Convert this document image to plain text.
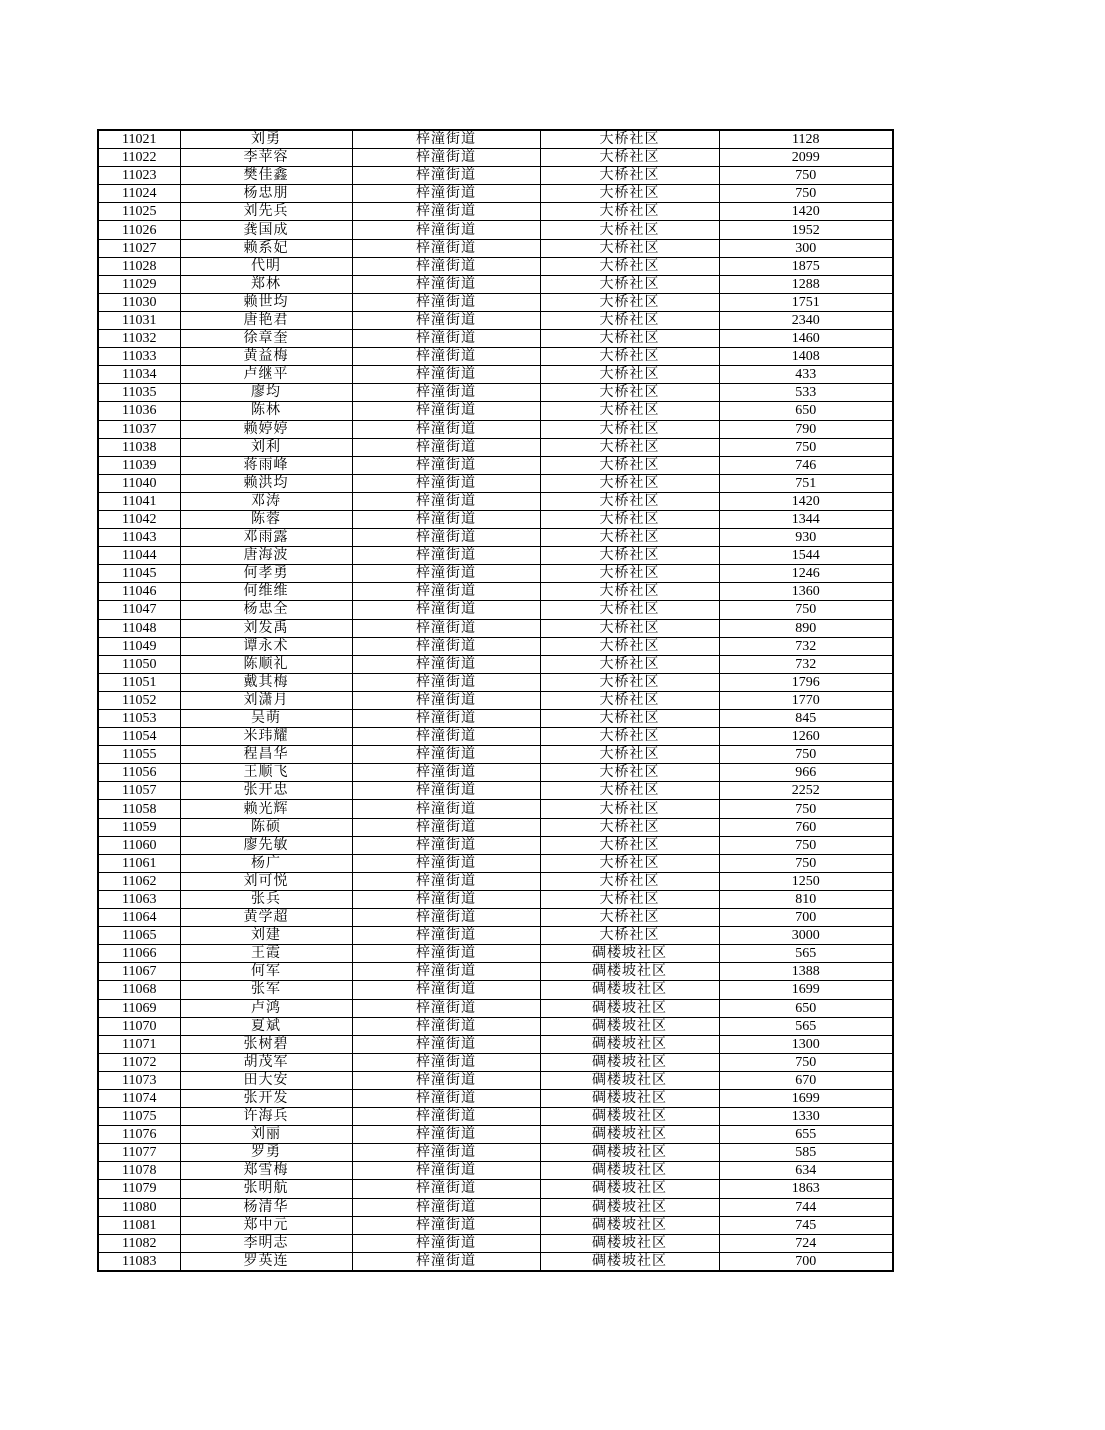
11021	刘勇	梓潼街道	大桥社区	1128
11022	李苹容	梓潼街道	大桥社区	2099
11023	樊佳鑫	梓潼街道	大桥社区	750
11024	杨忠朋	梓潼街道	大桥社区	750
11025	刘先兵	梓潼街道	大桥社区	1420
11026	龚国成	梓潼街道	大桥社区	1952
11027	赖系妃	梓潼街道	大桥社区	300
11028	代明	梓潼街道	大桥社区	1875
11029	郑林	梓潼街道	大桥社区	1288
11030	赖世均	梓潼街道	大桥社区	1751
11031	唐艳君	梓潼街道	大桥社区	2340
11032	徐章奎	梓潼街道	大桥社区	1460
11033	黄益梅	梓潼街道	大桥社区	1408
11034	卢继平	梓潼街道	大桥社区	433
11035	廖均	梓潼街道	大桥社区	533
11036	陈林	梓潼街道	大桥社区	650
11037	赖婷婷	梓潼街道	大桥社区	790
11038	刘利	梓潼街道	大桥社区	750
11039	蒋雨峰	梓潼街道	大桥社区	746
11040	赖洪均	梓潼街道	大桥社区	751
11041	邓涛	梓潼街道	大桥社区	1420
11042	陈蓉	梓潼街道	大桥社区	1344
11043	邓雨露	梓潼街道	大桥社区	930
11044	唐海波	梓潼街道	大桥社区	1544
11045	何孝勇	梓潼街道	大桥社区	1246
11046	何维维	梓潼街道	大桥社区	1360
11047	杨忠全	梓潼街道	大桥社区	750
11048	刘发禹	梓潼街道	大桥社区	890
11049	谭永术	梓潼街道	大桥社区	732
11050	陈顺礼	梓潼街道	大桥社区	732
11051	戴其梅	梓潼街道	大桥社区	1796
11052	刘潇月	梓潼街道	大桥社区	1770
11053	吴萌	梓潼街道	大桥社区	845
11054	米玮耀	梓潼街道	大桥社区	1260
11055	程昌华	梓潼街道	大桥社区	750
11056	王顺飞	梓潼街道	大桥社区	966
11057	张开忠	梓潼街道	大桥社区	2252
11058	赖光辉	梓潼街道	大桥社区	750
11059	陈硕	梓潼街道	大桥社区	760
11060	廖先敏	梓潼街道	大桥社区	750
11061	杨广	梓潼街道	大桥社区	750
11062	刘可悦	梓潼街道	大桥社区	1250
11063	张兵	梓潼街道	大桥社区	810
11064	黄学超	梓潼街道	大桥社区	700
11065	刘建	梓潼街道	大桥社区	3000
11066	王霞	梓潼街道	碉楼坡社区	565
11067	何军	梓潼街道	碉楼坡社区	1388
11068	张军	梓潼街道	碉楼坡社区	1699
11069	卢鸿	梓潼街道	碉楼坡社区	650
11070	夏斌	梓潼街道	碉楼坡社区	565
11071	张树碧	梓潼街道	碉楼坡社区	1300
11072	胡茂军	梓潼街道	碉楼坡社区	750
11073	田大安	梓潼街道	碉楼坡社区	670
11074	张开发	梓潼街道	碉楼坡社区	1699
11075	许海兵	梓潼街道	碉楼坡社区	1330
11076	刘丽	梓潼街道	碉楼坡社区	655
11077	罗勇	梓潼街道	碉楼坡社区	585
11078	郑雪梅	梓潼街道	碉楼坡社区	634
11079	张明航	梓潼街道	碉楼坡社区	1863
11080	杨清华	梓潼街道	碉楼坡社区	744
11081	郑中元	梓潼街道	碉楼坡社区	745
11082	李明志	梓潼街道	碉楼坡社区	724
11083	罗英连	梓潼街道	碉楼坡社区	700
